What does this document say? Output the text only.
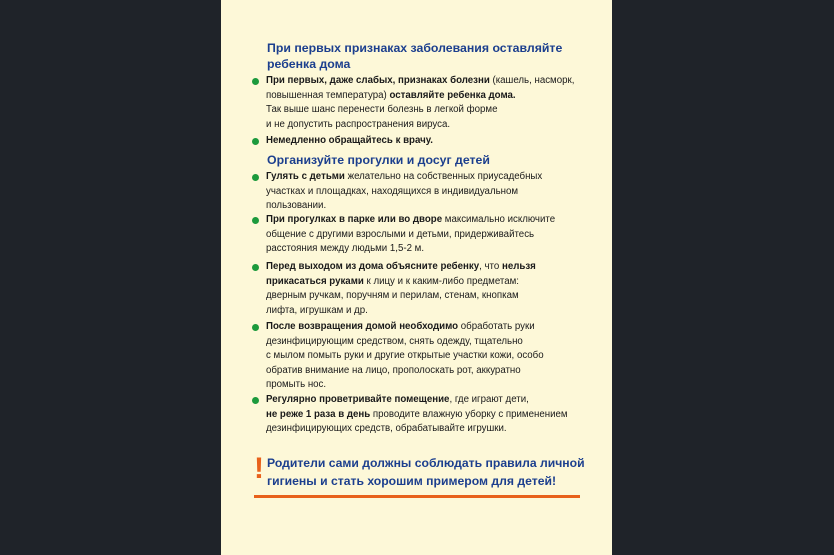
При первых признаках заболевания оставляйте
ребенка дома

При первых, даже слабых, признаках болезни (кашель, насморк,
повышенная температура) оставляйте ребенка дома.
Так выше шанс перенести болезнь в легкой форме
и не допустить распространения вируса.
Немедленно обращайтесь к врачу.

Организуйте прогулки и досуг детей

Гулять с детьми желательно на собственных приусадебных
участках и площадках, находящихся в индивидуальном
пользовании.
При прогулках в парке или во дворе максимально исключите
общение с другими взрослыми и детьми, придерживайтесь
расстояния между людьми 1,5-2 м.
Перед выходом из дома объясните ребенку, что нельзя
прикасаться руками к лицу и к каким-либо предметам:
дверным ручкам, поручням и перилам, стенам, кнопкам
лифта, игрушкам и др.
После возвращения домой необходимо обработать руки
дезинфицирующим средством, снять одежду, тщательно
с мылом помыть руки и другие открытые участки кожи, особо
обратив внимание на лицо, прополоскать рот, аккуратно
промыть нос.
Регулярно проветривайте помещение, где играют дети,
не реже 1 раза в день проводите влажную уборку с применением
дезинфицирующих средств, обрабатывайте игрушки.
! Родители сами должны соблюдать правила личной
гигиены и стать хорошим примером для детей!
